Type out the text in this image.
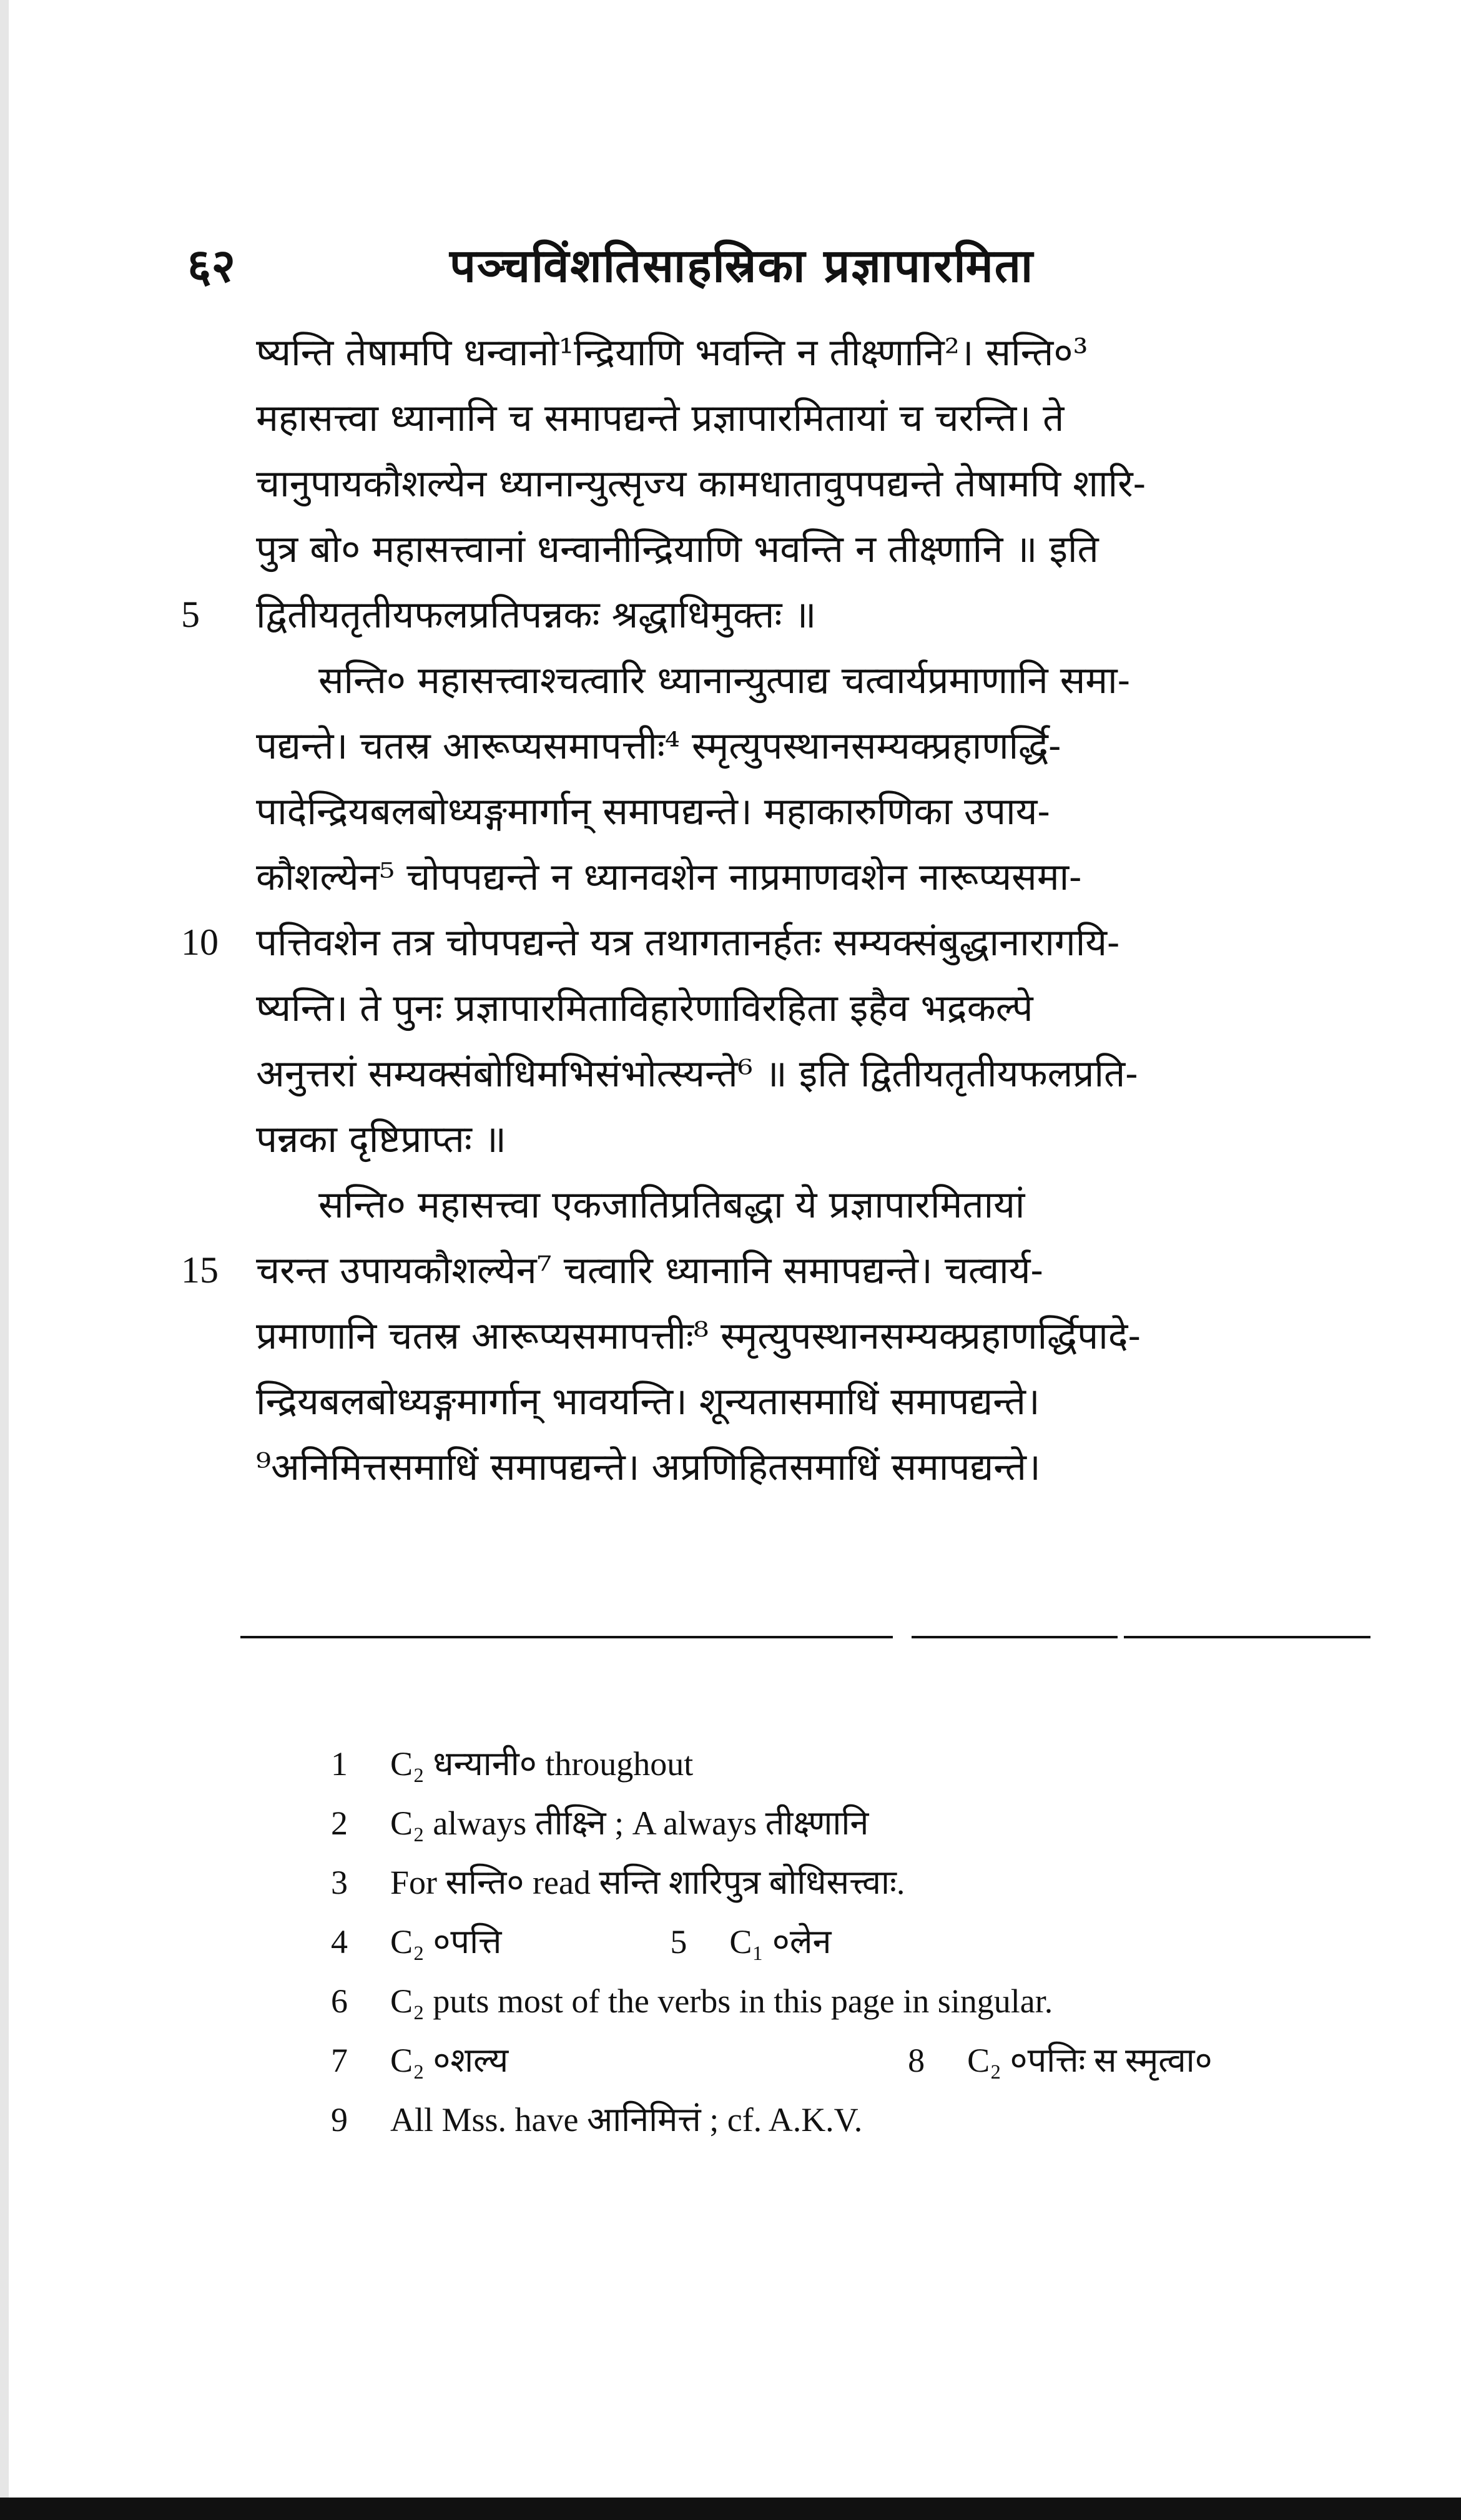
६२	पञ्चविंशतिसाहस्रिका प्रज्ञापारमिता
ष्यन्ति तेषामपि धन्वानो¹न्द्रियाणि भवन्ति न तीक्ष्णानि²। सन्ति०³
महासत्त्वा ध्यानानि च समापद्यन्ते प्रज्ञापारमितायां च चरन्ति। ते
चानुपायकौशल्येन ध्यानान्युत्सृज्य कामधातावुपपद्यन्ते तेषामपि शारि-
पुत्र बो० महासत्त्वानां धन्वानीन्द्रियाणि भवन्ति न तीक्ष्णानि ॥ इति
5 द्वितीयतृतीयफलप्रतिपन्नकः श्रद्धाधिमुक्तः ॥
सन्ति० महासत्त्वाश्चत्वारि ध्यानान्युत्पाद्य चत्वार्यप्रमाणानि समा-
पद्यन्ते। चतस्र आरूप्यसमापत्तीः⁴ स्मृत्युपस्थानसम्यक्प्रहाणर्द्धि-
पादेन्द्रियबलबोध्यङ्गमार्गान् समापद्यन्ते। महाकारुणिका उपाय-
कौशल्येन⁵ चोपपद्यन्ते न ध्यानवशेन नाप्रमाणवशेन नारूप्यसमा-
10 पत्तिवशेन तत्र चोपपद्यन्ते यत्र तथागतानर्हतः सम्यक्संबुद्धानारागयि-
ष्यन्ति। ते पुनः प्रज्ञापारमिताविहारेणाविरहिता इहैव भद्रकल्पे
अनुत्तरां सम्यक्संबोधिमभिसंभोत्स्यन्ते⁶ ॥ इति द्वितीयतृतीयफलप्रति-
पन्नका दृष्टिप्राप्तः ॥
सन्ति० महासत्त्वा एकजातिप्रतिबद्धा ये प्रज्ञापारमितायां
15 चरन्त उपायकौशल्येन⁷ चत्वारि ध्यानानि समापद्यन्ते। चत्वार्य-
प्रमाणानि चतस्र आरूप्यसमापत्तीः⁸ स्मृत्युपस्थानसम्यक्प्रहाणर्द्धिपादे-
न्द्रियबलबोध्यङ्गमार्गान् भावयन्ति। शून्यतासमाधिं समापद्यन्ते।
⁹अनिमित्तसमाधिं समापद्यन्ते। अप्रणिहितसमाधिं समापद्यन्ते।
1 C₂ धन्यानी० throughout
2 C₂ always तीक्ष्नि ; A always तीक्ष्णानि
3 For सन्ति० read सन्ति शारिपुत्र बोधिसत्त्वाः.
4 C₂ ०पत्ति	5 C₁ ०लेन
6 C₂ puts most of the verbs in this page in singular.
7 C₂ ०शल्य	8 C₂ ०पत्तिः स स्मृत्वा०
9 All Mss. have आनिमित्तं ; cf. A.K.V.
